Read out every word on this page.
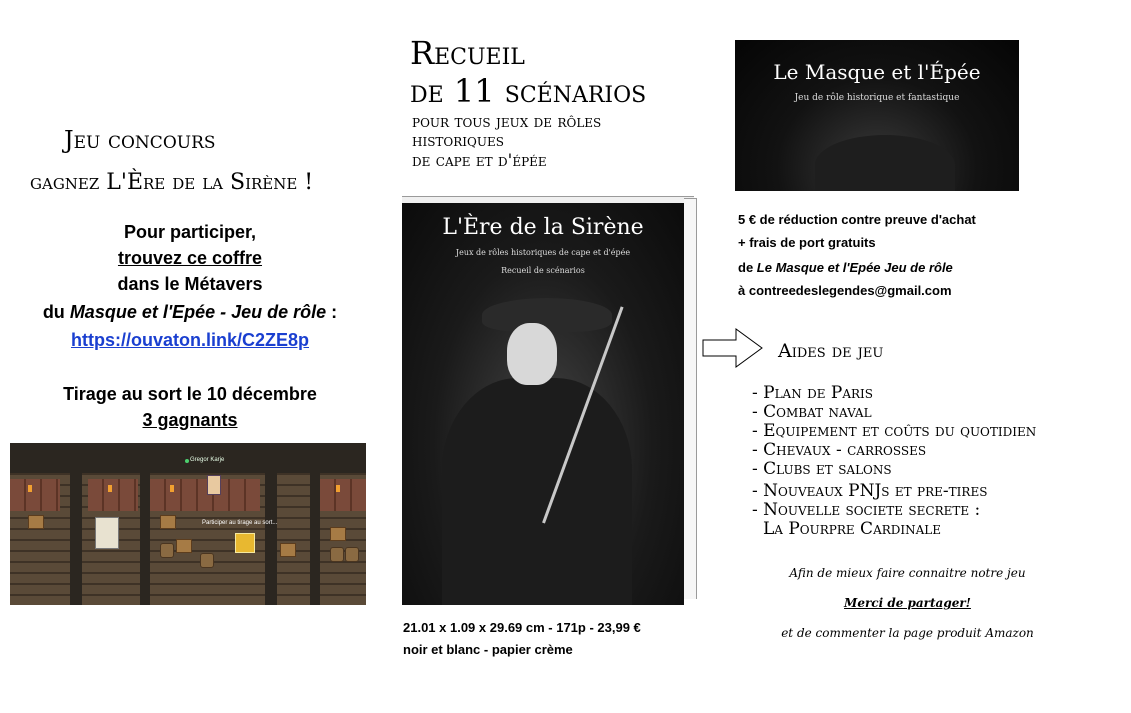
Jeu concours
gagnez L'Ère de la Sirène !
Pour participer,
trouvez ce coffre
dans le Métavers
du Masque et l'Epée - Jeu de rôle :
https://ouvaton.link/C2ZE8p
Tirage au sort le 10 décembre
3 gagnants
Gregor Karje
Participer au tirage au sort...
Recueil
de 11 scénarios
pour tous jeux de rôles
historiques
de cape et d'épée
L'Ère de la Sirène
Jeux de rôles historiques de cape et d'épée
Recueil de scénarios
21.01 x 1.09 x 29.69 cm - 171p - 23,99 €
noir et blanc - papier crème
Le Masque et l'Épée
Jeu de rôle historique et fantastique
5 € de réduction contre preuve d'achat
+ frais de port gratuits
de Le Masque et l'Epée Jeu de rôle
à contreedeslegendes@gmail.com
Aides de jeu
- Plan de Paris
- Combat naval
- Equipement et coûts du quotidien
- Chevaux - carrosses
- Clubs et salons
- Nouveaux PNJs et pre-tires
- Nouvelle societe secrete :
La Pourpre Cardinale
Afin de mieux faire connaitre notre jeu
Merci de partager!
et de commenter la page produit Amazon
